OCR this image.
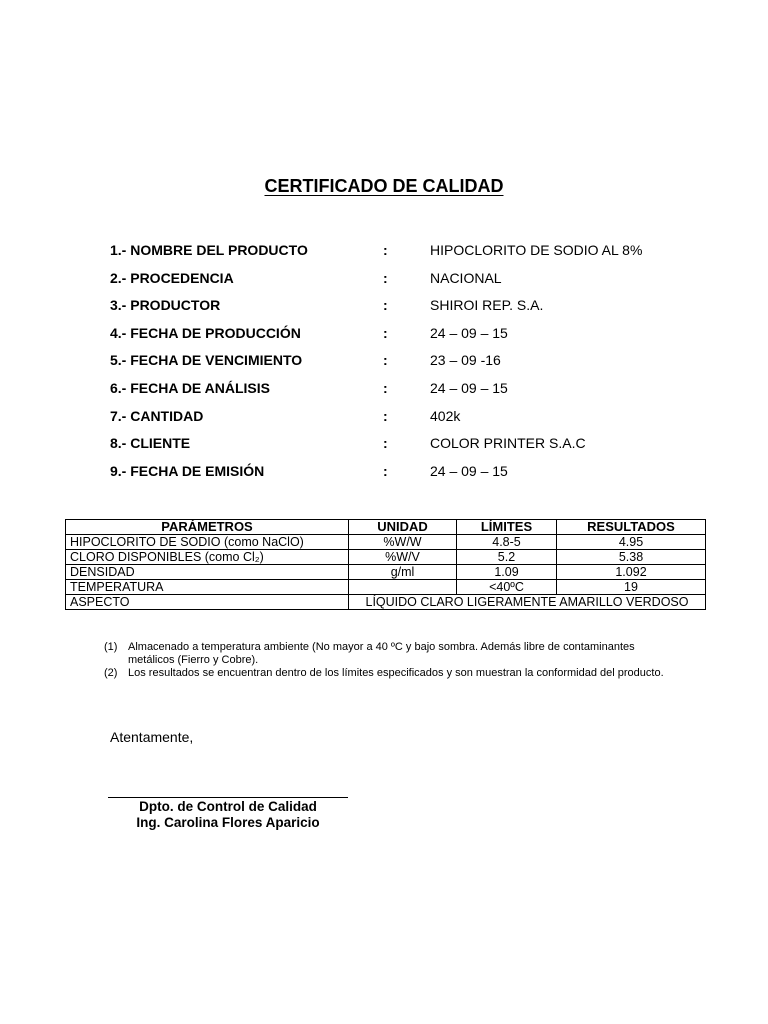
CERTIFICADO DE CALIDAD
1.- NOMBRE DEL PRODUCTO	:	HIPOCLORITO DE SODIO AL 8%
2.- PROCEDENCIA	:	NACIONAL
3.- PRODUCTOR	:	SHIROI REP. S.A.
4.- FECHA DE PRODUCCIÓN	:	24 – 09 – 15
5.- FECHA DE VENCIMIENTO	:	23 – 09 -16
6.- FECHA DE ANÁLISIS	:	24 – 09 – 15
7.- CANTIDAD	:	402k
8.- CLIENTE	:	COLOR PRINTER S.A.C
9.- FECHA DE EMISIÓN	:	24 – 09 – 15
PARÁMETROS	UNIDAD	LÍMITES	RESULTADOS
HIPOCLORITO DE SODIO (como NaClO)	%W/W	4.8-5	4.95
CLORO DISPONIBLES (como Cl₂)	%W/V	5.2	5.38
DENSIDAD	g/ml	1.09	1.092
TEMPERATURA		<40ºC	19
ASPECTO	LÍQUIDO CLARO LIGERAMENTE AMARILLO VERDOSO		
(1) Almacenado a temperatura ambiente (No mayor a 40 ºC y bajo sombra. Además libre de contaminantes metálicos (Fierro y Cobre).
(2) Los resultados se encuentran dentro de los límites especificados y son muestran la conformidad del producto.
Atentamente,
Dpto. de Control de Calidad
Ing. Carolina Flores Aparicio
